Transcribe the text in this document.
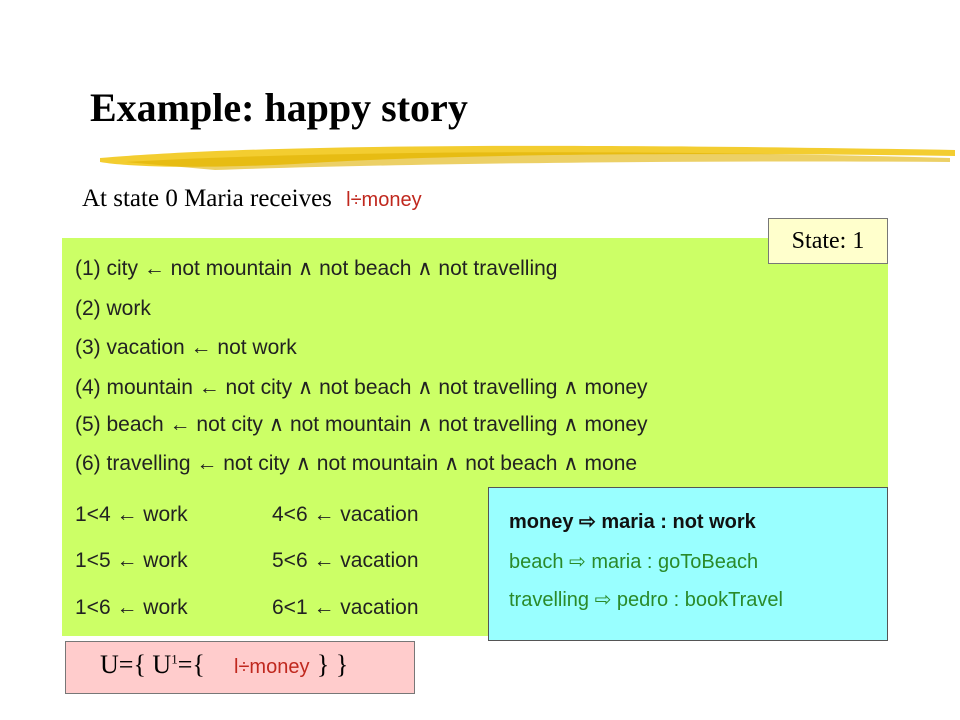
Example: happy story
At state 0 Maria receives l÷money
State: 1
(1) city ← not mountain ∧ not beach ∧ not travelling
(2) work
(3) vacation ← not work
(4) mountain ← not city ∧ not beach ∧ not travelling ∧ money
(5) beach ← not city ∧ not mountain ∧ not travelling ∧ money
(6) travelling ← not city ∧ not mountain ∧ not beach ∧ mone
1<4 ← work
1<5 ← work
1<6 ← work
4<6 ← vacation
5<6 ← vacation
6<1 ← vacation
money ⇨ maria : not work
beach ⇨ maria : goToBeach
travelling ⇨ pedro : bookTravel
U={ $U^1=${	} }
l÷money
